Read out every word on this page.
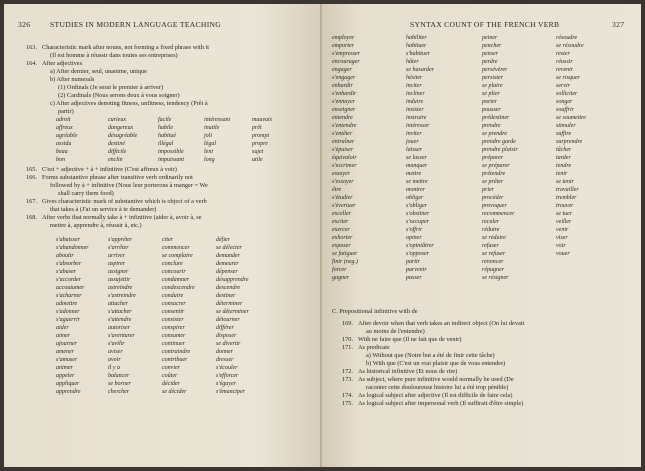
326	STUDIES IN MODERN LANGUAGE TEACHING
163. Characteristic mark after nouns, not forming a fixed phrase with it
(Il est homme à réussir dans toutes ses entreprises)
164. After adjectives
a) After dernier, seul, unanime, unique
b) After numerals
(1) Ordinals (Je serai le premier à arriver)
(2) Cardinals (Nous serons deux à vous soigner)
c) After adjectives denoting fitness, unfitness, tendency (Prêt à
partir)
adroit	curieux	facile	intéressant	mauvais
affreux	dangereux	habile	inutile	prêt
agréable	désagréable	habitué	joli	prompt
assidu	destiné	illégal	légal	propre
beau	difficile	impossible	lent	sujet
bon	enclin	impuissant	long	utile
165. C'est + adjective + à + infinitive (C'est affreux à voir)
166. Forms substantive phrase after transitive verb ordinarily not
followed by à + infinitive (Nous leur porterons à manger = We
shall carry them food)
167. Gives characteristic mark of substantive which is object of a verb
that takes à (J'ai un service à te demander)
168. After verbs that normally take à + infinitive (aider à, avoir à, se
mettre à, apprendre à, réussir à, etc.)
s'abaisser	s'appréter	citer	défier
s'abandonner	s'arrêter	commencer	se délecter
aboutir	arriver	se complaire	demander
s'absorber	aspirer	conclure	demeurer
s'abuser	assigner	concourir	dépenser
s'accorder	assujettir	condamner	désapprendre
accoutumer	astreindre	condescendre	descendre
s'acharner	s'astreindre	conduire	destiner
admettre	attacher	consacrer	déterminer
s'adonner	s'attacher	consentir	se déterminer
s'aguerrir	s'attendre	consister	détourner
aider	autoriser	conspirer	différer
aimer	s'aventurer	consumer	disposer
ajourner	s'avilir	continuer	se divertir
amener	aviser	contraindre	donner
s'amuser	avoir	contribuer	dresser
animer	il y a	convier	s'écouler
appeler	balancer	coûter	s'efforcer
appliquer	se borner	décider	s'égayer
apprendre	chercher	se décider	s'émanciper
SYNTAX COUNT OF THE FRENCH VERB	327
employer	habiliter	peiner	résoudre
emporter	habituer	pencher	se résoudre
s'empresser	s'habituer	penser	rester
encourager	hâter	perdre	réussir
engager	se hasarder	persévérer	revenir
s'engager	hésiter	persister	se risquer
enhardir	inciter	se plaire	servir
s'enhardir	incliner	se plier	solliciter
s'ennuyer	induire	porter	songer
enseigner	insister	pousser	souffrir
entendre	instruire	prédestiner	se soumettre
s'entendre	intéresser	prendre	stimuler
s'entêter	inviter	se prendre	suffire
entraîner	jouer	prendre garde	surprendre
s'épuiser	laisser	prendre plaisir	tâcher
équivaloir	se lasser	préparer	tarder
s'escrimer	manquer	se préparer	tendre
essayer	mettre	prétendre	tenir
s'essayer	se mettre	se prêter	se tenir
être	montrer	prier	travailler
s'étudier	obliger	procéder	trembler
s'évertuer	s'obliger	provoquer	trouver
exceller	s'obstiner	recommencer	se tuer
exciter	s'occuper	reculer	veiller
exercer	s'offrir	réduire	venir
exhorter	opiner	se réduire	viser
exposer	s'opiniâtrer	refuser	voir
se fatiguer	s'opposer	se refuser	vouer
finir (neg.)	partir	renoncer
forcer	parvenir	répugner
gagner	passer	se résigner
C. Prepositional infinitive with de
169. After devoir when that verb takes an indirect object (On lui devait
au moins de l'entendre)
170. With ne faire que (Il ne fait que de venir)
171. As predicate
a) Without que (Notre but a été de finir cette tâche)
b) With que (C'est un vrai plaisir que de vous entendre)
172. As historical infinitive (Et nous de rire)
173. As subject, where pure infinitive would normally be used (De
raconter cette douloureuse histoire lui a été trop pénible)
174. As logical subject after adjective (Il est difficile de faire cela)
175. As logical subject after impersonal verb (Il suffirait d'être simple)
